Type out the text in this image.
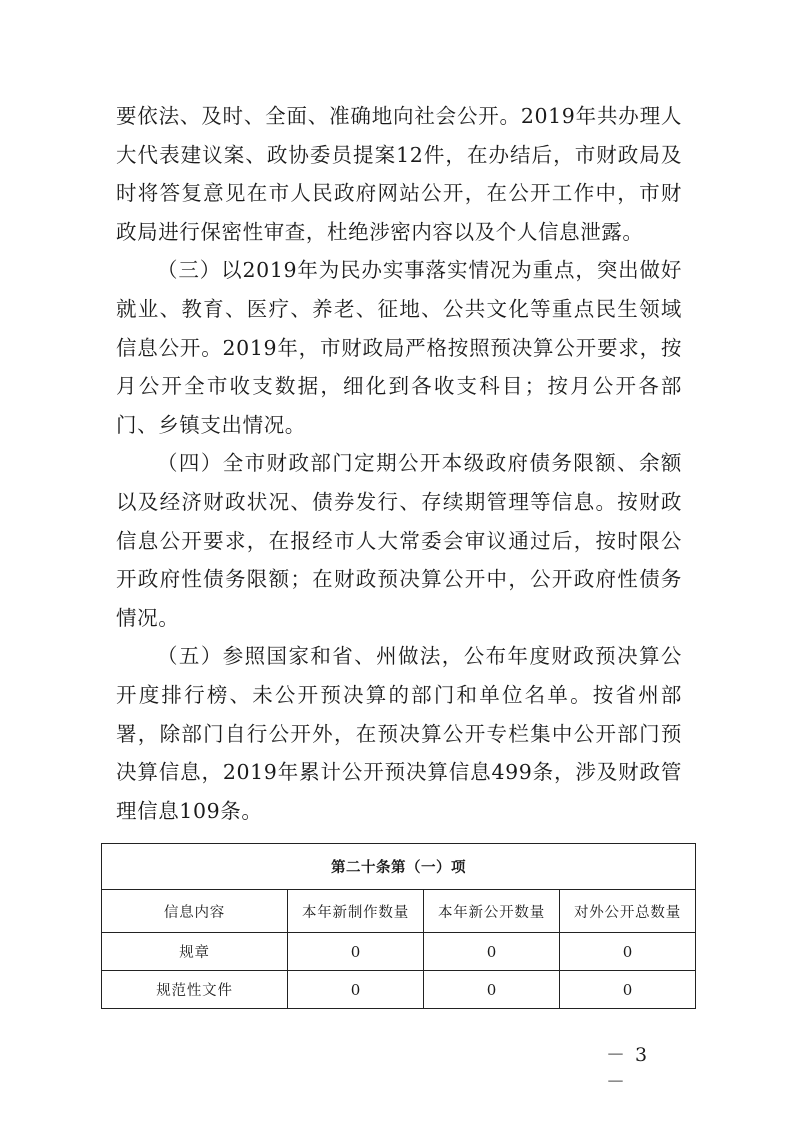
要依法、及时、全面、准确地向社会公开。2019年共办理人大代表建议案、政协委员提案12件，在办结后，市财政局及时将答复意见在市人民政府网站公开，在公开工作中，市财政局进行保密性审查，杜绝涉密内容以及个人信息泄露。

（三）以2019年为民办实事落实情况为重点，突出做好就业、教育、医疗、养老、征地、公共文化等重点民生领域信息公开。2019年，市财政局严格按照预决算公开要求，按月公开全市收支数据，细化到各收支科目；按月公开各部门、乡镇支出情况。

（四）全市财政部门定期公开本级政府债务限额、余额以及经济财政状况、债券发行、存续期管理等信息。按财政信息公开要求，在报经市人大常委会审议通过后，按时限公开政府性债务限额；在财政预决算公开中，公开政府性债务情况。

（五）参照国家和省、州做法，公布年度财政预决算公开度排行榜、未公开预决算的部门和单位名单。按省州部署，除部门自行公开外，在预决算公开专栏集中公开部门预决算信息，2019年累计公开预决算信息499条，涉及财政管理信息109条。

第二十条第（一）项			
信息内容	本年新制作数量	本年新公开数量	对外公开总数量
规章	0	0	0
规范性文件	0	0	0
－ 3 －
